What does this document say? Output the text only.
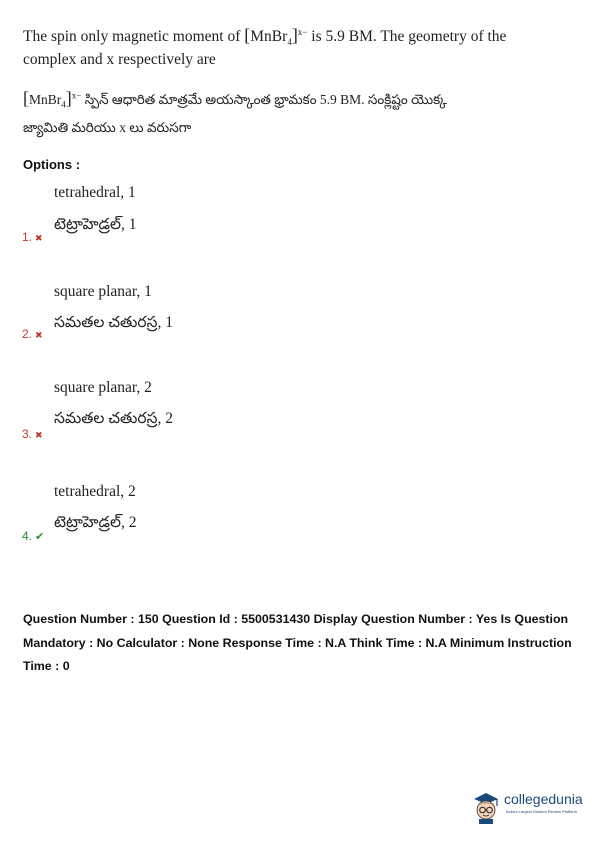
The spin only magnetic moment of [MnBr$_4$]$^{x-}$ is 5.9 BM. The geometry of the
complex and x respectively are
[MnBr$_4$]$^{x-}$ స్పిన్ ఆధారిత మాత్రమే అయస్కాంత భ్రామకం 5.9 BM. సంక్లిష్టం యొక్క
జ్యామితి మరియు x లు వరుసగా
Options :
tetrahedral, 1
టెట్రాహెడ్రల్, 1
1. ✖
square planar, 1
సమతల చతురస్ర, 1
2. ✖
square planar, 2
సమతల చతురస్ర, 2
3. ✖
tetrahedral, 2
టెట్రాహెడ్రల్, 2
4. ✔
Question Number : 150 Question Id : 5500531430 Display Question Number : Yes Is Question Mandatory : No Calculator : None Response Time : N.A Think Time : N.A Minimum Instruction Time : 0
collegedunia
India's Largest Student Review Platform
